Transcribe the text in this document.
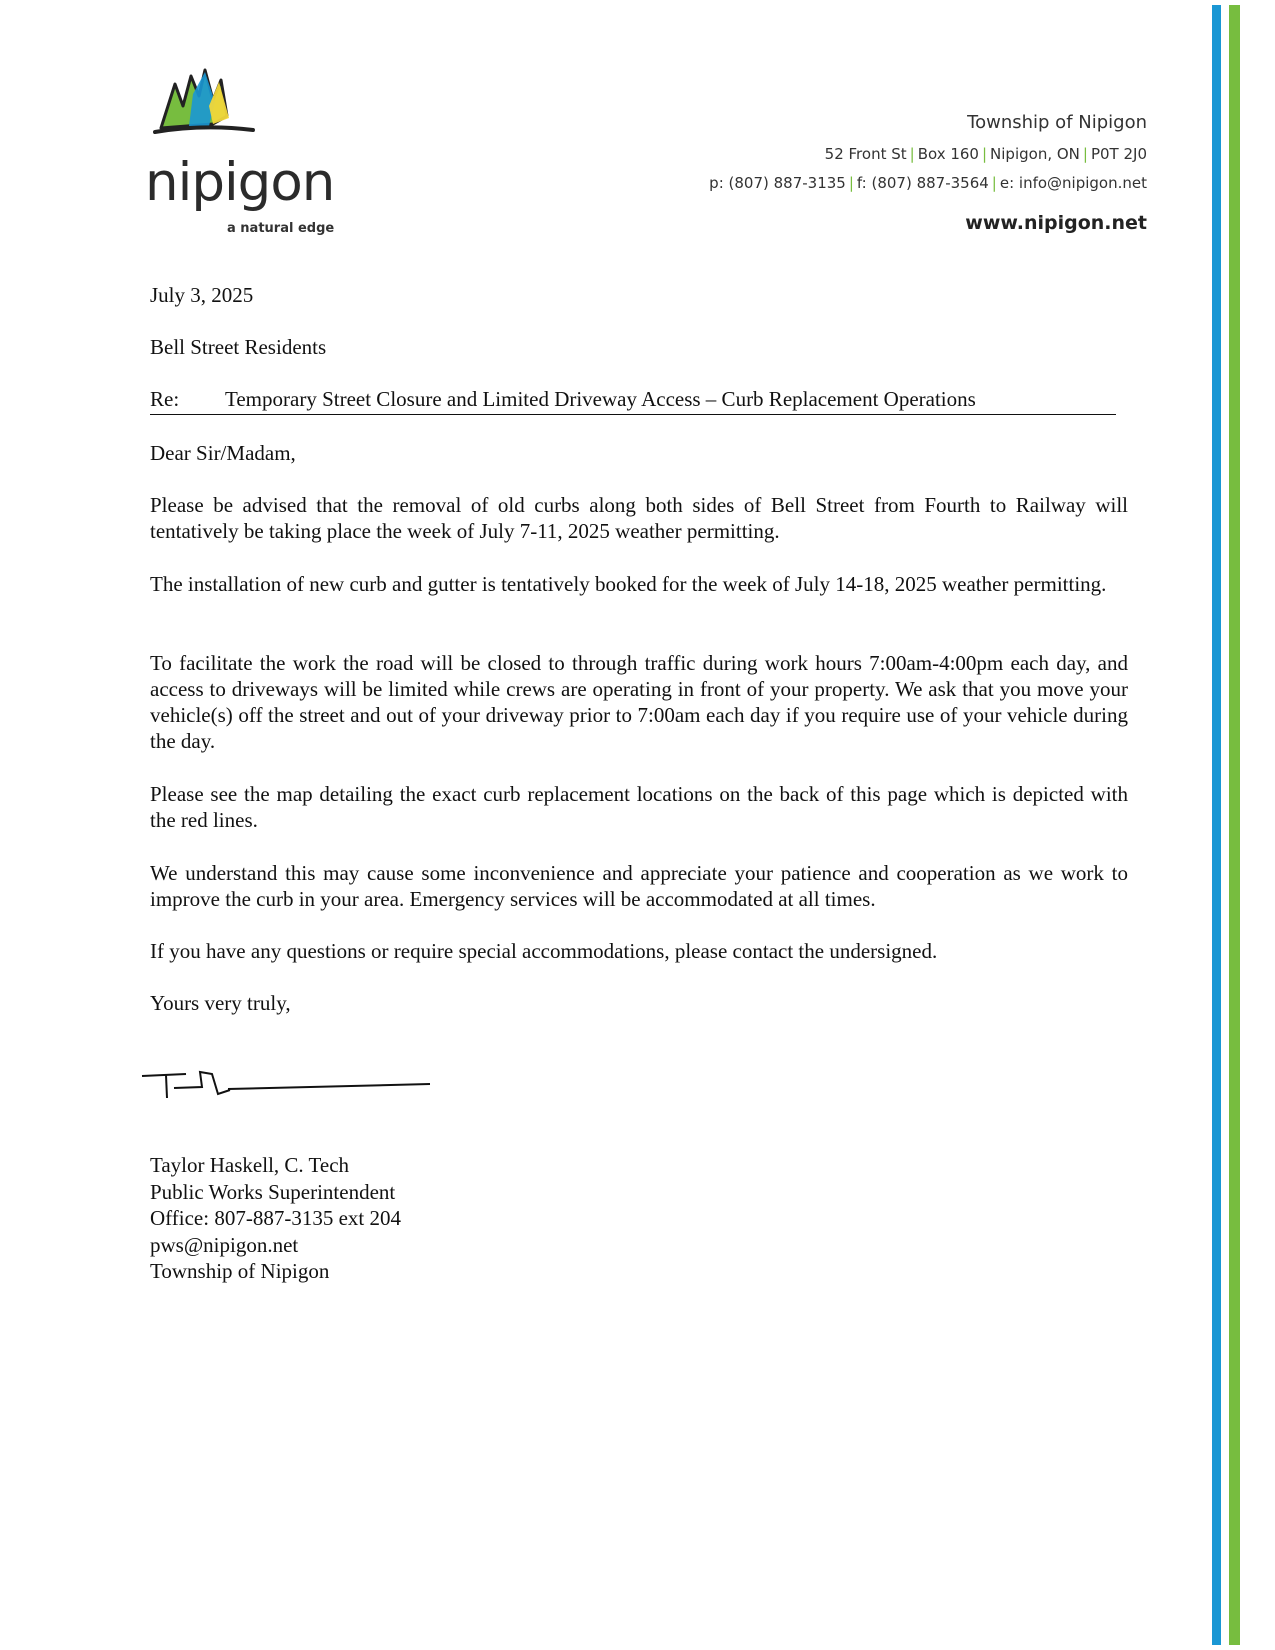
nipigon
a natural edge
Township of Nipigon
52 Front St | Box 160 | Nipigon, ON | P0T 2J0
p: (807) 887-3135 | f: (807) 887-3564 | e: info@nipigon.net
www.nipigon.net
July 3, 2025
Bell Street Residents
Re: Temporary Street Closure and Limited Driveway Access – Curb Replacement Operations
Dear Sir/Madam,
Please be advised that the removal of old curbs along both sides of Bell Street from Fourth to Railway will tentatively be taking place the week of July 7-11, 2025 weather permitting.
The installation of new curb and gutter is tentatively booked for the week of July 14-18, 2025 weather permitting.
To facilitate the work the road will be closed to through traffic during work hours 7:00am-4:00pm each day, and access to driveways will be limited while crews are operating in front of your property. We ask that you move your vehicle(s) off the street and out of your driveway prior to 7:00am each day if you require use of your vehicle during the day.
Please see the map detailing the exact curb replacement locations on the back of this page which is depicted with the red lines.
We understand this may cause some inconvenience and appreciate your patience and cooperation as we work to improve the curb in your area. Emergency services will be accommodated at all times.
If you have any questions or require special accommodations, please contact the undersigned.
Yours very truly,
Taylor Haskell, C. Tech
Public Works Superintendent
Office: 807-887-3135 ext 204
pws@nipigon.net
Township of Nipigon
